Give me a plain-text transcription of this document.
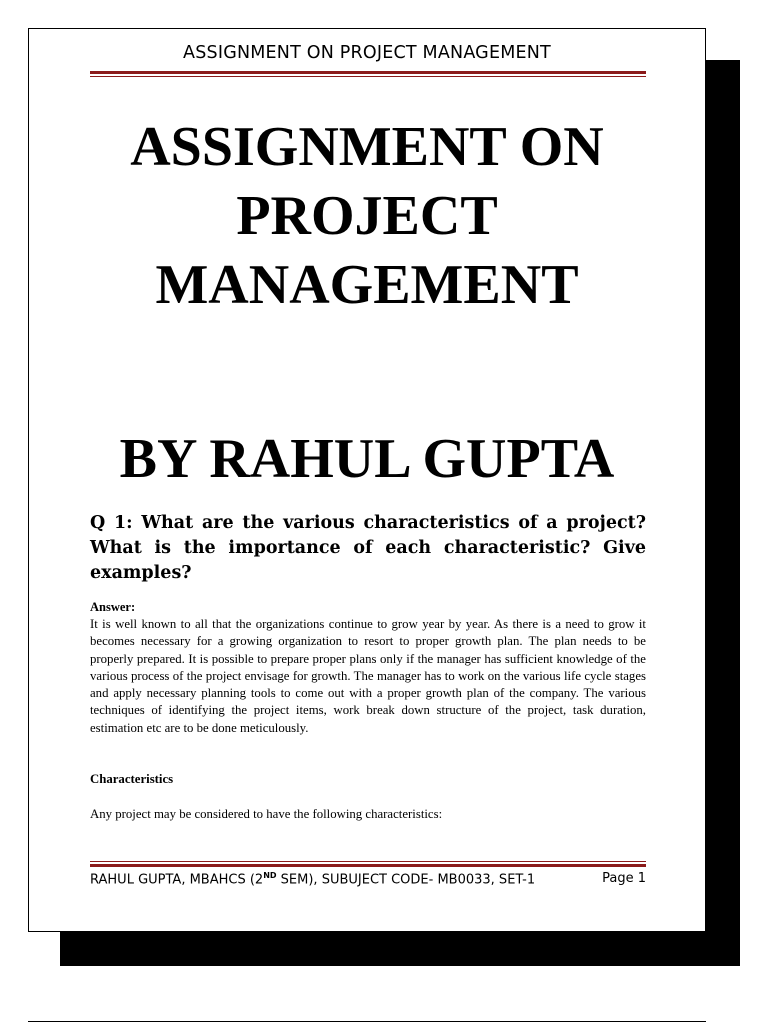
ASSIGNMENT ON PROJECT MANAGEMENT
ASSIGNMENT ON
PROJECT
MANAGEMENT
BY RAHUL GUPTA
Q 1: What are the various characteristics of a project? What is the importance of each characteristic? Give examples?
Answer:
It is well known to all that the organizations continue to grow year by year. As there is a need to grow it becomes necessary for a growing organization to resort to proper growth plan. The plan needs to be properly prepared. It is possible to prepare proper plans only if the manager has sufficient knowledge of the various process of the project envisage for growth. The manager has to work on the various life cycle stages and apply necessary planning tools to come out with a proper growth plan of the company. The various techniques of identifying the project items, work break down structure of the project, task duration, estimation etc are to be done meticulously.
Characteristics
Any project may be considered to have the following characteristics:
RAHUL GUPTA, MBAHCS (2ND SEM), SUBUJECT CODE- MB0033, SET-1	Page 1
